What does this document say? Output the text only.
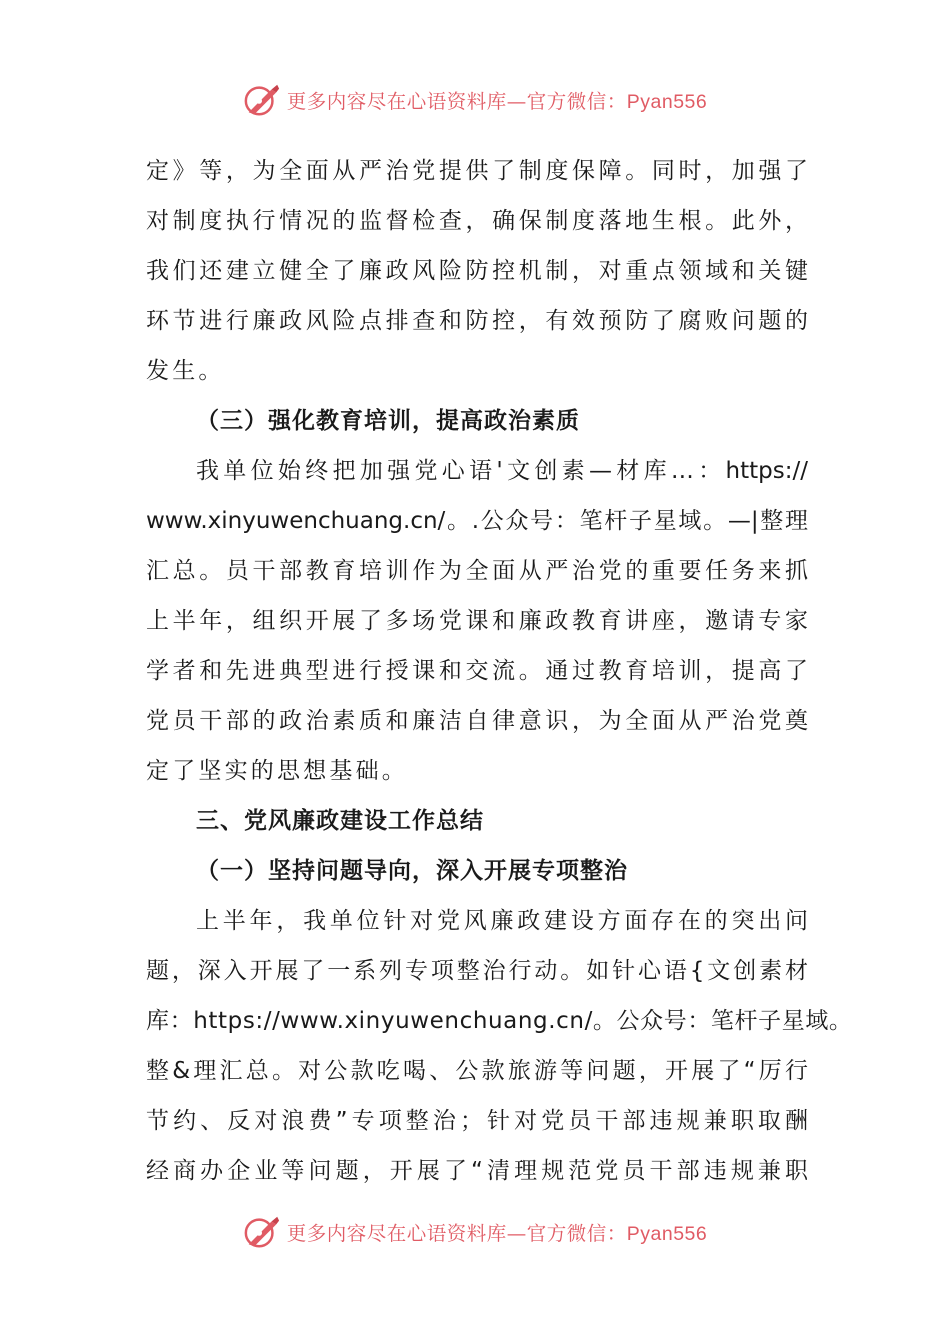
更多内容尽在心语资料库—官方微信：Pyan556
定》等，为全面从严治党提供了制度保障。同时，加强了
对制度执行情况的监督检查，确保制度落地生根。此外，
我们还建立健全了廉政风险防控机制，对重点领域和关键
环节进行廉政风险点排查和防控，有效预防了腐败问题的
发生。
（三）强化教育培训，提高政治素质
我单位始终把加强党心语'文创素—材库…：https://
www.xinyuwenchuang.cn/。.公众号：笔杆子星域。—|整理
汇总。员干部教育培训作为全面从严治党的重要任务来抓
上半年，组织开展了多场党课和廉政教育讲座，邀请专家
学者和先进典型进行授课和交流。通过教育培训，提高了
党员干部的政治素质和廉洁自律意识，为全面从严治党奠
定了坚实的思想基础。
三、党风廉政建设工作总结
（一）坚持问题导向，深入开展专项整治
上半年，我单位针对党风廉政建设方面存在的突出问
题，深入开展了一系列专项整治行动。如针心语{文创素材
库：https://www.xinyuwenchuang.cn/。公众号：笔杆子星域。
整&理汇总。对公款吃喝、公款旅游等问题，开展了“厉行
节约、反对浪费”专项整治；针对党员干部违规兼职取酬
经商办企业等问题，开展了“清理规范党员干部违规兼职
更多内容尽在心语资料库—官方微信：Pyan556
